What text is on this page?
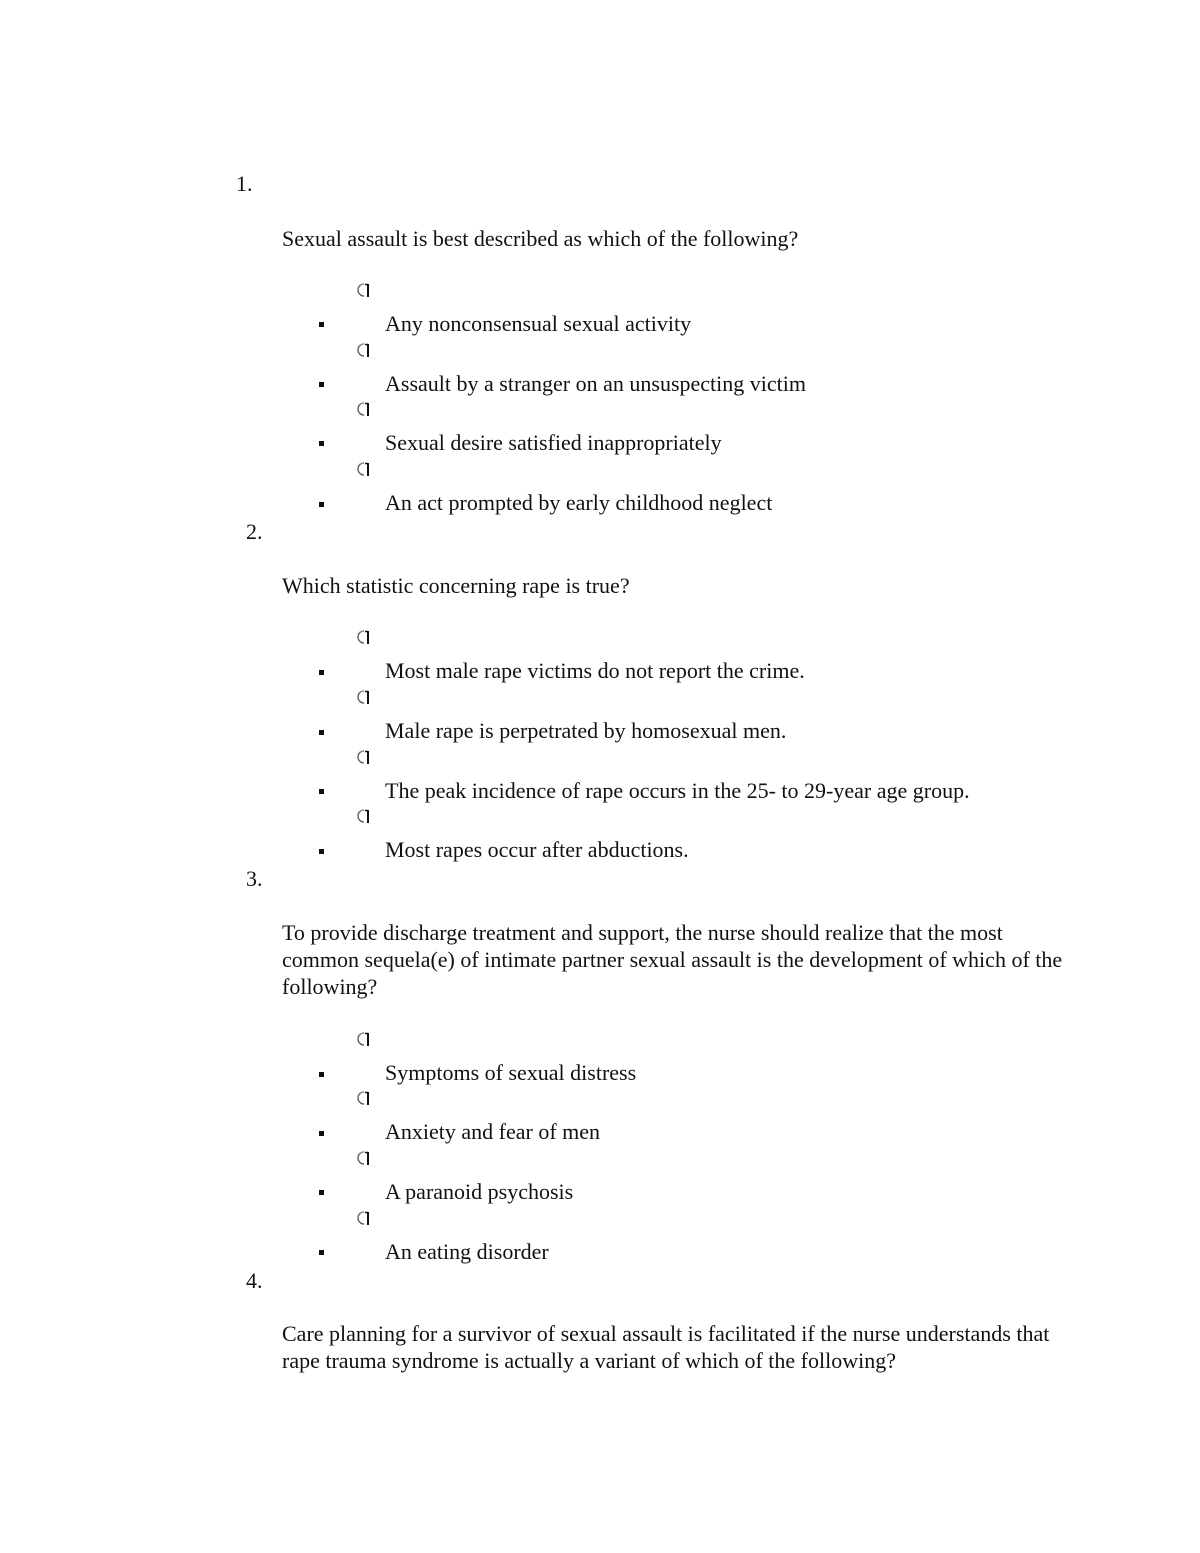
1.
Sexual assault is best described as which of the following?
Any nonconsensual sexual activity
Assault by a stranger on an unsuspecting victim
Sexual desire satisfied inappropriately
An act prompted by early childhood neglect
2.
Which statistic concerning rape is true?
Most male rape victims do not report the crime.
Male rape is perpetrated by homosexual men.
The peak incidence of rape occurs in the 25- to 29-year age group.
Most rapes occur after abductions.
3.
To provide discharge treatment and support, the nurse should realize that the most common sequela(e) of intimate partner sexual assault is the development of which of the following?
Symptoms of sexual distress
Anxiety and fear of men
A paranoid psychosis
An eating disorder
4.
Care planning for a survivor of sexual assault is facilitated if the nurse understands that rape trauma syndrome is actually a variant of which of the following?
